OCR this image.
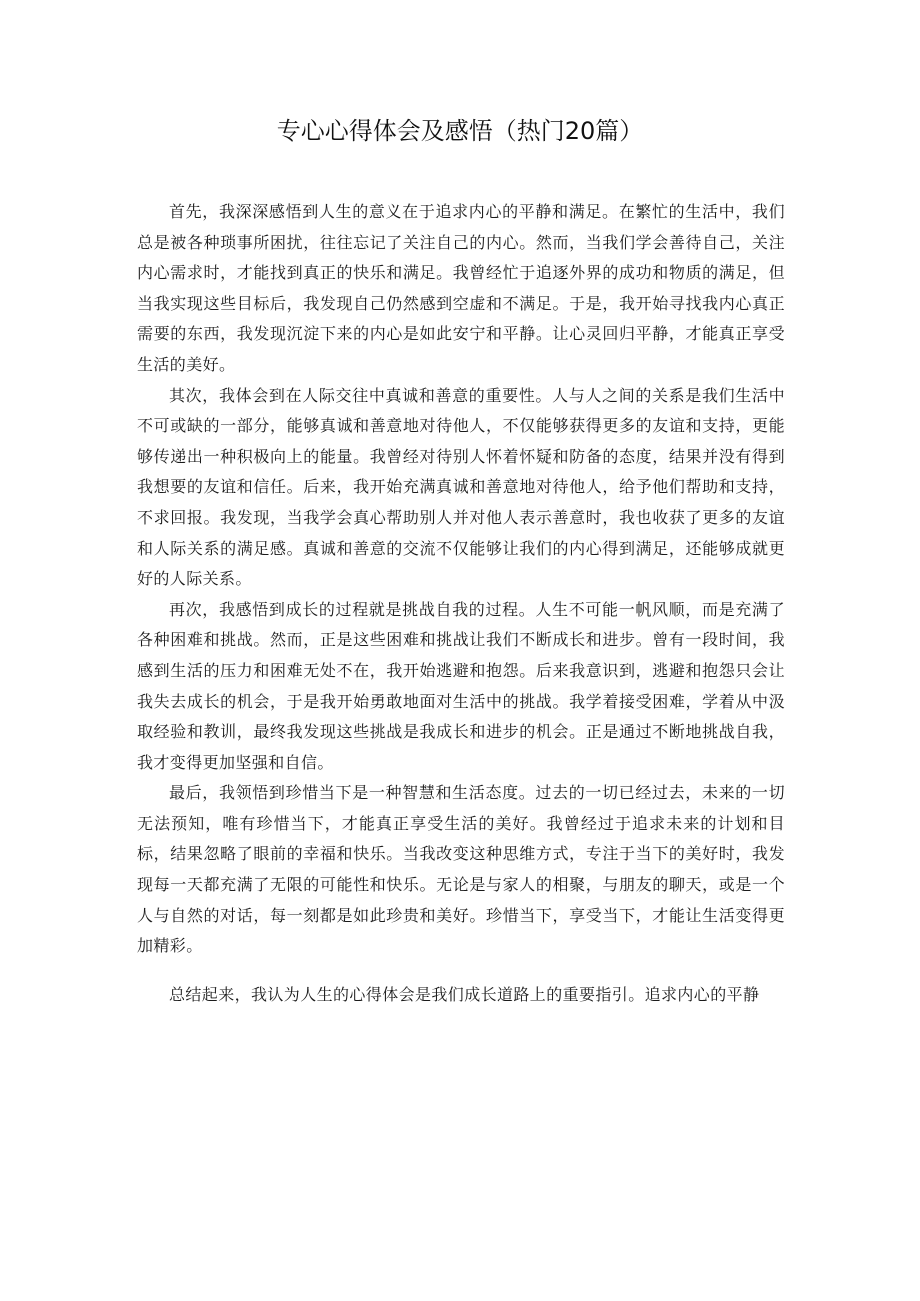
专心心得体会及感悟（热门20篇）

首先，我深深感悟到人生的意义在于追求内心的平静和满足。在繁忙的生活中，我们总是被各种琐事所困扰，往往忘记了关注自己的内心。然而，当我们学会善待自己，关注内心需求时，才能找到真正的快乐和满足。我曾经忙于追逐外界的成功和物质的满足，但当我实现这些目标后，我发现自己仍然感到空虚和不满足。于是，我开始寻找我内心真正需要的东西，我发现沉淀下来的内心是如此安宁和平静。让心灵回归平静，才能真正享受生活的美好。

其次，我体会到在人际交往中真诚和善意的重要性。人与人之间的关系是我们生活中不可或缺的一部分，能够真诚和善意地对待他人，不仅能够获得更多的友谊和支持，更能够传递出一种积极向上的能量。我曾经对待别人怀着怀疑和防备的态度，结果并没有得到我想要的友谊和信任。后来，我开始充满真诚和善意地对待他人，给予他们帮助和支持，不求回报。我发现，当我学会真心帮助别人并对他人表示善意时，我也收获了更多的友谊和人际关系的满足感。真诚和善意的交流不仅能够让我们的内心得到满足，还能够成就更好的人际关系。

再次，我感悟到成长的过程就是挑战自我的过程。人生不可能一帆风顺，而是充满了各种困难和挑战。然而，正是这些困难和挑战让我们不断成长和进步。曾有一段时间，我感到生活的压力和困难无处不在，我开始逃避和抱怨。后来我意识到，逃避和抱怨只会让我失去成长的机会，于是我开始勇敢地面对生活中的挑战。我学着接受困难，学着从中汲取经验和教训，最终我发现这些挑战是我成长和进步的机会。正是通过不断地挑战自我，我才变得更加坚强和自信。

最后，我领悟到珍惜当下是一种智慧和生活态度。过去的一切已经过去，未来的一切无法预知，唯有珍惜当下，才能真正享受生活的美好。我曾经过于追求未来的计划和目标，结果忽略了眼前的幸福和快乐。当我改变这种思维方式，专注于当下的美好时，我发现每一天都充满了无限的可能性和快乐。无论是与家人的相聚，与朋友的聊天，或是一个人与自然的对话，每一刻都是如此珍贵和美好。珍惜当下，享受当下，才能让生活变得更加精彩。

总结起来，我认为人生的心得体会是我们成长道路上的重要指引。追求内心的平静
